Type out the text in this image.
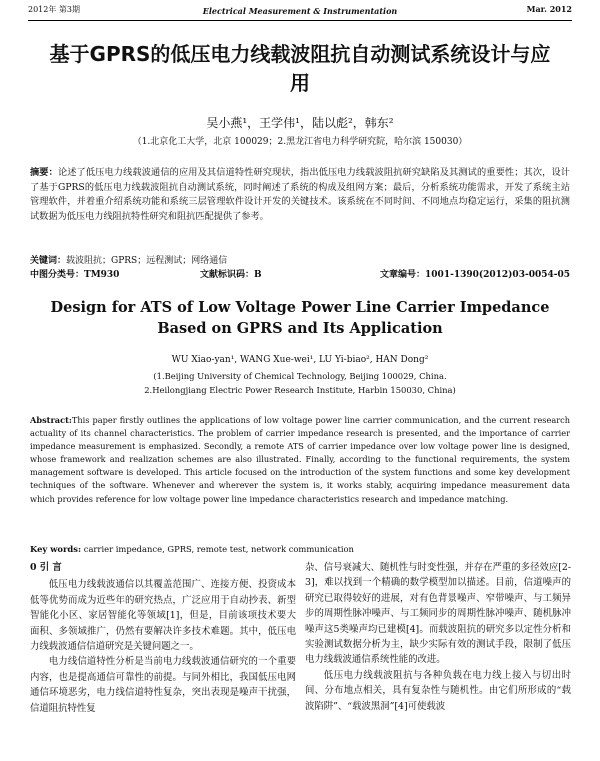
2012年 第3期	Electrical Measurement & Instrumentation	Mar. 2012
基于GPRS的低压电力线载波阻抗自动测试系统设计与应用
吴小燕¹，王学伟¹，陆以彪²，韩东²
（1.北京化工大学，北京 100029；2.黑龙江省电力科学研究院，哈尔滨 150030）
摘要：论述了低压电力线载波通信的应用及其信道特性研究现状，指出低压电力线载波阻抗研究缺陷及其测试的重要性；其次，设计了基于GPRS的低压电力线载波阻抗自动测试系统，同时阐述了系统的构成及组网方案；最后，分析系统功能需求，开发了系统主站管理软件，并着重介绍系统功能和系统三层管理软件设计开发的关键技术。该系统在不同时间、不同地点均稳定运行，采集的阻抗测试数据为低压电力线阻抗特性研究和阻抗匹配提供了参考。
关键词：载波阻抗；GPRS；远程测试；网络通信
中图分类号：TM930	文献标识码：B	文章编号：1001-1390(2012)03-0054-05
Design for ATS of Low Voltage Power Line Carrier Impedance Based on GPRS and Its Application
WU Xiao-yan¹, WANG Xue-wei¹, LU Yi-biao², HAN Dong²
(1.Beijing University of Chemical Technology, Beijing 100029, China.
2.Heilongjiang Electric Power Research Institute, Harbin 150030, China)
Abstract:This paper firstly outlines the applications of low voltage power line carrier communication, and the current research actuality of its channel characteristics. The problem of carrier impedance research is presented, and the importance of carrier impedance measurement is emphasized. Secondly, a remote ATS of carrier impedance over low voltage power line is designed, whose framework and realization schemes are also illustrated. Finally, according to the functional requirements, the system management software is developed. This article focused on the introduction of the system functions and some key development techniques of the software. Whenever and wherever the system is, it works stably, acquiring impedance measurement data which provides reference for low voltage power line impedance characteristics research and impedance matching.
Key words: carrier impedance, GPRS, remote test, network communication
0 引 言

低压电力线载波通信以其覆盖范围广、连接方便、投资成本低等优势而成为近些年的研究热点，广泛应用于自动抄表、新型智能化小区、家居智能化等领域[1]，但是，目前该项技术要大面积、多领域推广，仍然有要解决许多技术难题。其中，低压电力线载波通信信道研究是关键问题之一。

电力线信道特性分析是当前电力线载波通信研究的一个重要内容，也是提高通信可靠性的前提。与同外相比，我国低压电网通信环境恶劣，电力线信道特性复杂，突出表现是噪声干扰强，信道阻抗特性复

杂、信号衰减大、随机性与时变性强，并存在严重的多径效应[2-3]，难以找到一个精确的数学模型加以描述。目前，信道噪声的研究已取得较好的进展，对有色背景噪声、窄带噪声、与工频异步的周期性脉冲噪声、与工频同步的周期性脉冲噪声、随机脉冲噪声这5类噪声均已建模[4]。而载波阻抗的研究多以定性分析和实验测试数据分析为主，缺少实际有效的测试手段，限制了低压电力线载波通信系统性能的改进。

低压电力线载波阻抗与各种负载在电力线上接入与切出时间、分布地点相关，具有复杂性与随机性。由它们所形成的“载波陷阱”、“载波黑洞”[4]可使载波
